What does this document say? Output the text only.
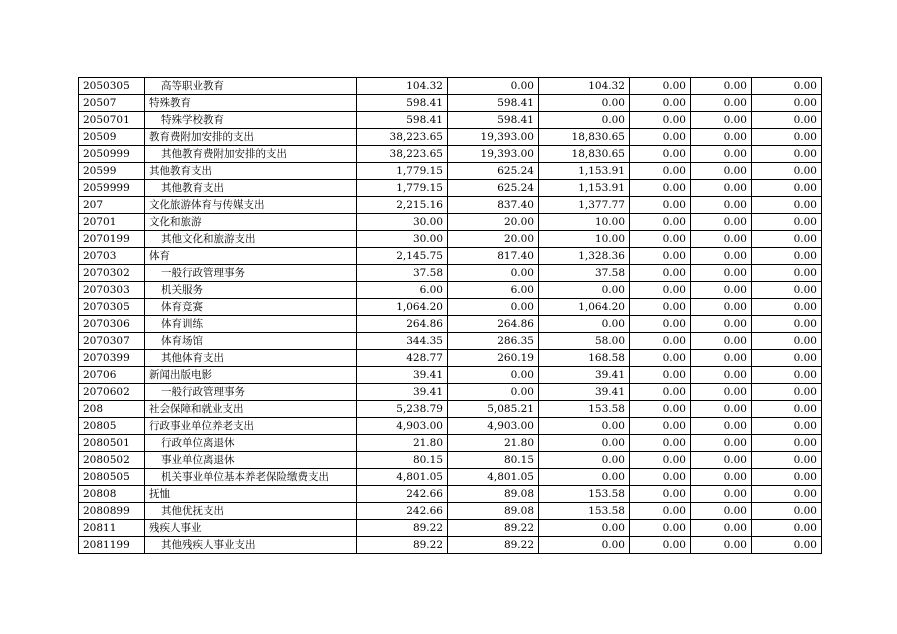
2050305	高等职业教育	104.32	0.00	104.32	0.00	0.00	0.00
20507	特殊教育	598.41	598.41	0.00	0.00	0.00	0.00
2050701	特殊学校教育	598.41	598.41	0.00	0.00	0.00	0.00
20509	教育费附加安排的支出	38,223.65	19,393.00	18,830.65	0.00	0.00	0.00
2050999	其他教育费附加安排的支出	38,223.65	19,393.00	18,830.65	0.00	0.00	0.00
20599	其他教育支出	1,779.15	625.24	1,153.91	0.00	0.00	0.00
2059999	其他教育支出	1,779.15	625.24	1,153.91	0.00	0.00	0.00
207	文化旅游体育与传媒支出	2,215.16	837.40	1,377.77	0.00	0.00	0.00
20701	文化和旅游	30.00	20.00	10.00	0.00	0.00	0.00
2070199	其他文化和旅游支出	30.00	20.00	10.00	0.00	0.00	0.00
20703	体育	2,145.75	817.40	1,328.36	0.00	0.00	0.00
2070302	一般行政管理事务	37.58	0.00	37.58	0.00	0.00	0.00
2070303	机关服务	6.00	6.00	0.00	0.00	0.00	0.00
2070305	体育竞赛	1,064.20	0.00	1,064.20	0.00	0.00	0.00
2070306	体育训练	264.86	264.86	0.00	0.00	0.00	0.00
2070307	体育场馆	344.35	286.35	58.00	0.00	0.00	0.00
2070399	其他体育支出	428.77	260.19	168.58	0.00	0.00	0.00
20706	新闻出版电影	39.41	0.00	39.41	0.00	0.00	0.00
2070602	一般行政管理事务	39.41	0.00	39.41	0.00	0.00	0.00
208	社会保障和就业支出	5,238.79	5,085.21	153.58	0.00	0.00	0.00
20805	行政事业单位养老支出	4,903.00	4,903.00	0.00	0.00	0.00	0.00
2080501	行政单位离退休	21.80	21.80	0.00	0.00	0.00	0.00
2080502	事业单位离退休	80.15	80.15	0.00	0.00	0.00	0.00
2080505	机关事业单位基本养老保险缴费支出	4,801.05	4,801.05	0.00	0.00	0.00	0.00
20808	抚恤	242.66	89.08	153.58	0.00	0.00	0.00
2080899	其他优抚支出	242.66	89.08	153.58	0.00	0.00	0.00
20811	残疾人事业	89.22	89.22	0.00	0.00	0.00	0.00
2081199	其他残疾人事业支出	89.22	89.22	0.00	0.00	0.00	0.00
